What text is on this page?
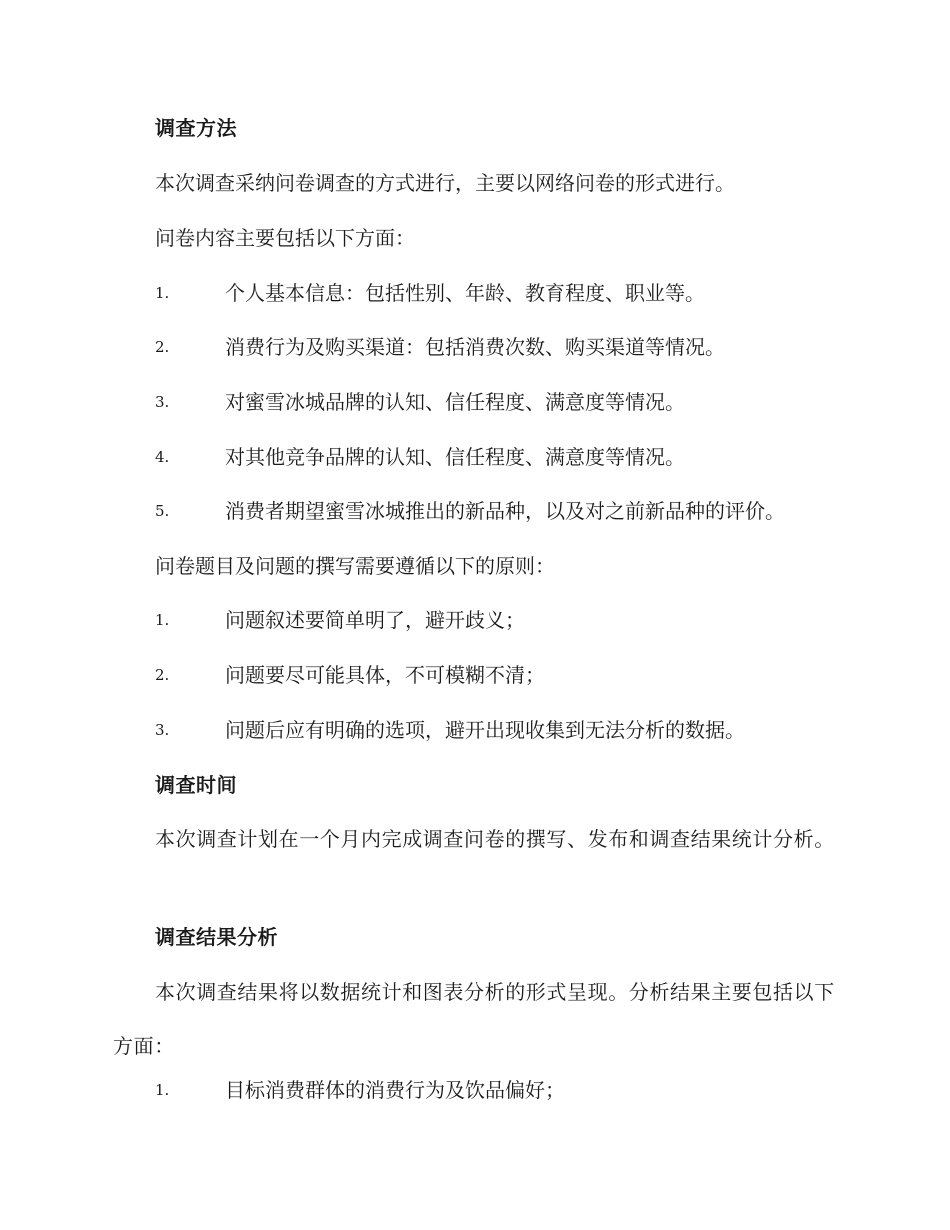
调查方法
本次调查采纳问卷调查的方式进行，主要以网络问卷的形式进行。
问卷内容主要包括以下方面：
1.	个人基本信息：包括性别、年龄、教育程度、职业等。
2.	消费行为及购买渠道：包括消费次数、购买渠道等情况。
3.	对蜜雪冰城品牌的认知、信任程度、满意度等情况。
4.	对其他竞争品牌的认知、信任程度、满意度等情况。
5.	消费者期望蜜雪冰城推出的新品种，以及对之前新品种的评价。
问卷题目及问题的撰写需要遵循以下的原则：
1.	问题叙述要简单明了，避开歧义；
2.	问题要尽可能具体，不可模糊不清；
3.	问题后应有明确的选项，避开出现收集到无法分析的数据。
调查时间
本次调查计划在一个月内完成调查问卷的撰写、发布和调查结果统计分析。
调查结果分析
本次调查结果将以数据统计和图表分析的形式呈现。分析结果主要包括以下方面：
1.	目标消费群体的消费行为及饮品偏好；
